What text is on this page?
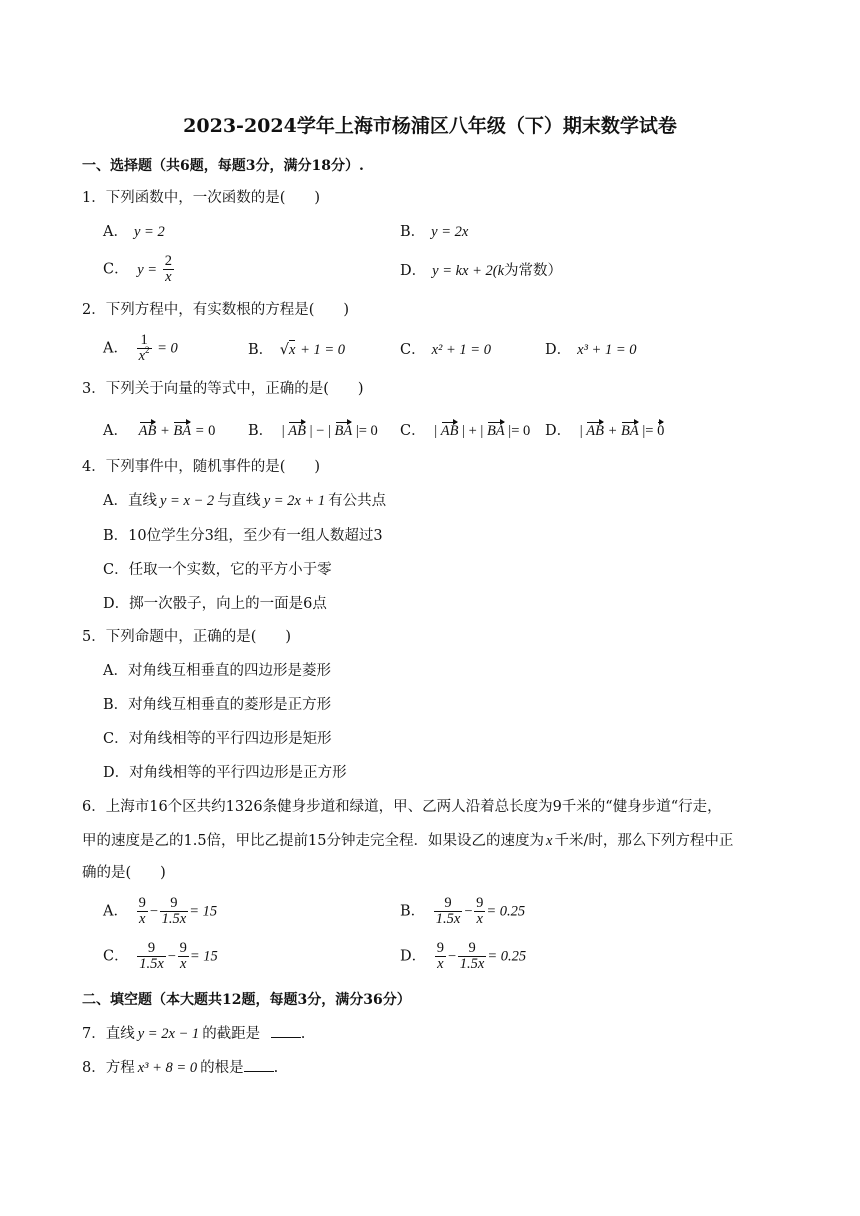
2023-2024学年上海市杨浦区八年级（下）期末数学试卷
一、选择题（共6题，每题3分，满分18分）.
1．下列函数中，一次函数的是(　　)
A． y = 2	B． y = 2x
C． $y = \frac{2}{x}$	D． y = kx + 2(k为常数）
2．下列方程中，有实数根的方程是(　　)
A． $\frac{1}{x^2} = 0$	B． √x + 1 = 0	C． x² + 1 = 0	D． x³ + 1 = 0
3．下列关于向量的等式中，正确的是(　　)
A． AB + BA = 0 B． | AB | − | BA |= 0 C． | AB | + | BA |= 0 D． | AB + BA |= 0
4．下列事件中，随机事件的是(　　)
A．直线 y = x − 2 与直线 y = 2x + 1 有公共点
B．10位学生分3组，至少有一组人数超过3
C．任取一个实数，它的平方小于零
D．掷一次骰子，向上的一面是6点
5．下列命题中，正确的是(　　)
A．对角线互相垂直的四边形是菱形
B．对角线互相垂直的菱形是正方形
C．对角线相等的平行四边形是矩形
D．对角线相等的平行四边形是正方形
6．上海市16个区共约1326条健身步道和绿道，甲、乙两人沿着总长度为9千米的“健身步道“行走，
甲的速度是乙的1.5倍，甲比乙提前15分钟走完全程．如果设乙的速度为 x 千米/时，那么下列方程中正
确的是(　　)
A． $\frac{9}{x} - \frac{9}{1.5x} = 15$	B． $\frac{9}{1.5x} - \frac{9}{x} = 0.25$
C． $\frac{9}{1.5x} - \frac{9}{x} = 15$	D． $\frac{9}{x} - \frac{9}{1.5x} = 0.25$
二、填空题（本大题共12题，每题3分，满分36分）
7．直线 y = 2x − 1 的截距是	.
8．方程 x³ + 8 = 0 的根是 .
